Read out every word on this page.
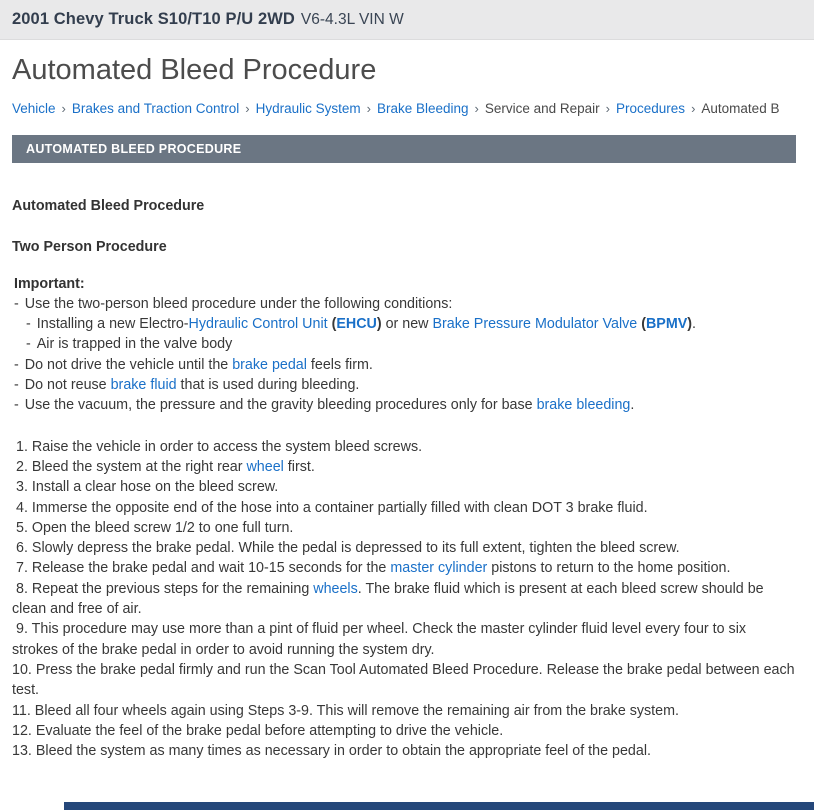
2001 Chevy Truck S10/T10 P/U 2WD V6-4.3L VIN W
Automated Bleed Procedure
Vehicle › Brakes and Traction Control › Hydraulic System › Brake Bleeding › Service and Repair › Procedures › Automated B
AUTOMATED BLEED PROCEDURE
Automated Bleed Procedure
Two Person Procedure
Important:
- Use the two-person bleed procedure under the following conditions:
- Installing a new Electro-Hydraulic Control Unit (EHCU) or new Brake Pressure Modulator Valve (BPMV).
- Air is trapped in the valve body
- Do not drive the vehicle until the brake pedal feels firm.
- Do not reuse brake fluid that is used during bleeding.
- Use the vacuum, the pressure and the gravity bleeding procedures only for base brake bleeding.
1. Raise the vehicle in order to access the system bleed screws.
2. Bleed the system at the right rear wheel first.
3. Install a clear hose on the bleed screw.
4. Immerse the opposite end of the hose into a container partially filled with clean DOT 3 brake fluid.
5. Open the bleed screw 1/2 to one full turn.
6. Slowly depress the brake pedal. While the pedal is depressed to its full extent, tighten the bleed screw.
7. Release the brake pedal and wait 10-15 seconds for the master cylinder pistons to return to the home position.
8. Repeat the previous steps for the remaining wheels. The brake fluid which is present at each bleed screw should be clean and free of air.
9. This procedure may use more than a pint of fluid per wheel. Check the master cylinder fluid level every four to six strokes of the brake pedal in order to avoid running the system dry.
10. Press the brake pedal firmly and run the Scan Tool Automated Bleed Procedure. Release the brake pedal between each test.
11. Bleed all four wheels again using Steps 3-9. This will remove the remaining air from the brake system.
12. Evaluate the feel of the brake pedal before attempting to drive the vehicle.
13. Bleed the system as many times as necessary in order to obtain the appropriate feel of the pedal.
